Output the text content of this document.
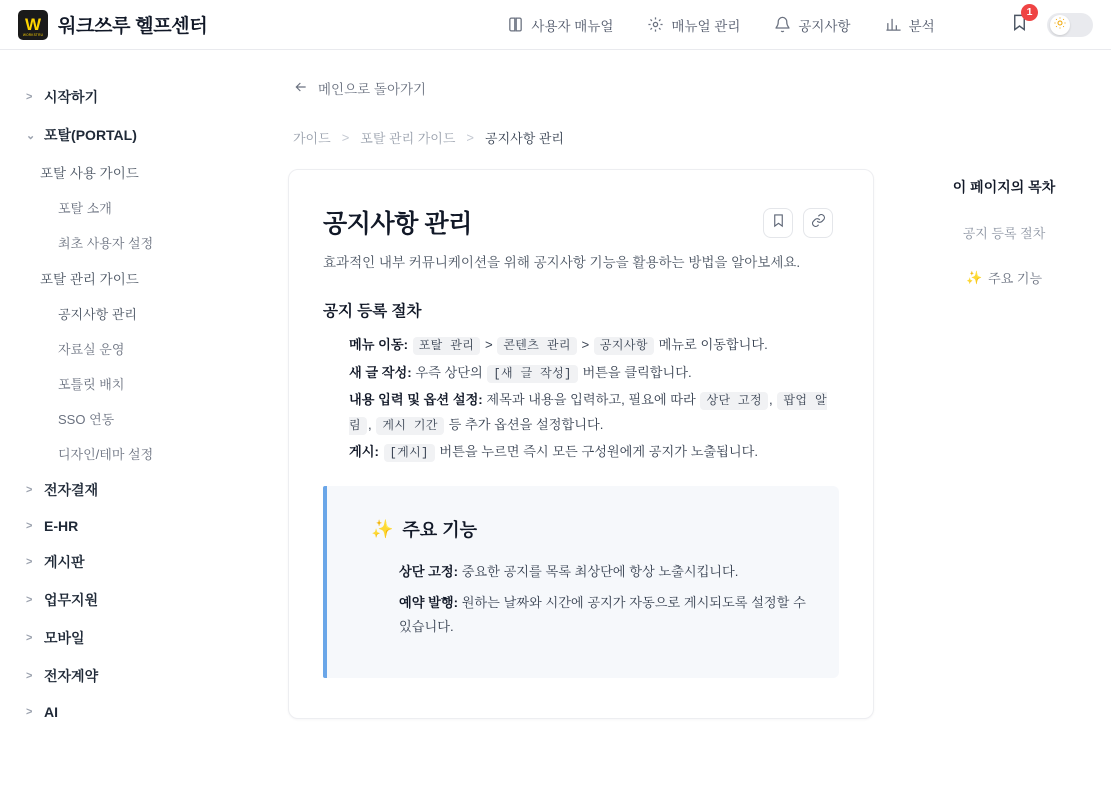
W
WORKSTRU 워크쓰루 헬프센터	사용자 매뉴얼	매뉴얼 관리	공지사항	분석
1
> 시작하기
⌄ 포탈(PORTAL)
포탈 사용 가이드
포탈 소개
최초 사용자 설정
포탈 관리 가이드
공지사항 관리
자료실 운영
포틀릿 배치
SSO 연동
디자인/테마 설정
> 전자결재
> E-HR
> 게시판
> 업무지원
> 모바일
> 전자계약
> AI
메인으로 돌아가기
가이드 > 포탈 관리 가이드 > 공지사항 관리
공지사항 관리
효과적인 내부 커뮤니케이션을 위해 공지사항 기능을 활용하는 방법을 알아보세요.
공지 등록 절차
메뉴 이동: 포탈 관리 > 콘텐츠 관리 > 공지사항 메뉴로 이동합니다.
새 글 작성: 우즉 상단의 [새 글 작성] 버튼을 클릭합니다.
내용 입력 및 옵션 설정: 제목과 내용을 입력하고, 필요에 따라 상단 고정 , 팝업 알림 , 게시 기간 등 추가 옵션을 설정합니다.
게시: [게시] 버튼을 누르면 즉시 모든 구성원에게 공지가 노출됩니다.
✨ 주요 기능
상단 고정: 중요한 공지를 목록 최상단에 항상 노출시킵니다.
예약 발행: 원하는 날짜와 시간에 공지가 자동으로 게시되도록 설정할 수 있습니다.
이 페이지의 목차
공지 등록 절차
✨ 주요 기능
